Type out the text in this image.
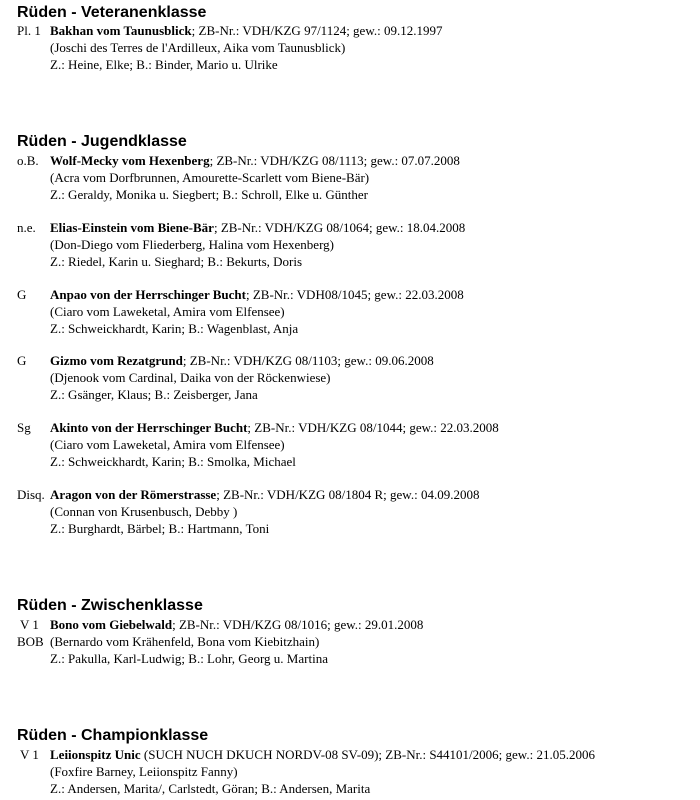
Rüden - Veteranenklasse
Pl. 1 Bakhan vom Taunusblick; ZB-Nr.: VDH/KZG 97/1124; gew.: 09.12.1997
(Joschi des Terres de l'Ardilleux, Aika vom Taunusblick)
Z.: Heine, Elke; B.: Binder, Mario u. Ulrike
Rüden - Jugendklasse
o.B. Wolf-Mecky vom Hexenberg; ZB-Nr.: VDH/KZG 08/1113; gew.: 07.07.2008
(Acra vom Dorfbrunnen, Amourette-Scarlett vom Biene-Bär)
Z.: Geraldy, Monika u. Siegbert; B.: Schroll, Elke u. Günther
n.e. Elias-Einstein vom Biene-Bär; ZB-Nr.: VDH/KZG 08/1064; gew.: 18.04.2008
(Don-Diego vom Fliederberg, Halina vom Hexenberg)
Z.: Riedel, Karin u. Sieghard; B.: Bekurts, Doris
G Anpao von der Herrschinger Bucht; ZB-Nr.: VDH08/1045; gew.: 22.03.2008
(Ciaro vom Laweketal, Amira vom Elfensee)
Z.: Schweickhardt, Karin; B.: Wagenblast, Anja
G Gizmo vom Rezatgrund; ZB-Nr.: VDH/KZG 08/1103; gew.: 09.06.2008
(Djenook vom Cardinal, Daika von der Röckenwiese)
Z.: Gsänger, Klaus; B.: Zeisberger, Jana
Sg Akinto von der Herrschinger Bucht; ZB-Nr.: VDH/KZG 08/1044; gew.: 22.03.2008
(Ciaro vom Laweketal, Amira vom Elfensee)
Z.: Schweickhardt, Karin; B.: Smolka, Michael
Disq. Aragon von der Römerstrasse; ZB-Nr.: VDH/KZG 08/1804 R; gew.: 04.09.2008
(Connan von Krusenbusch, Debby )
Z.: Burghardt, Bärbel; B.: Hartmann, Toni
Rüden - Zwischenklasse
V 1
BOB
Bono vom Giebelwald; ZB-Nr.: VDH/KZG 08/1016; gew.: 29.01.2008
(Bernardo vom Krähenfeld, Bona vom Kiebitzhain)
Z.: Pakulla, Karl-Ludwig; B.: Lohr, Georg u. Martina
Rüden - Championklasse
V 1 Leiionspitz Unic (SUCH NUCH DKUCH NORDV-08 SV-09); ZB-Nr.: S44101/2006; gew.: 21.05.2006
(Foxfire Barney, Leiionspitz Fanny)
Z.: Andersen, Marita/, Carlstedt, Göran; B.: Andersen, Marita
